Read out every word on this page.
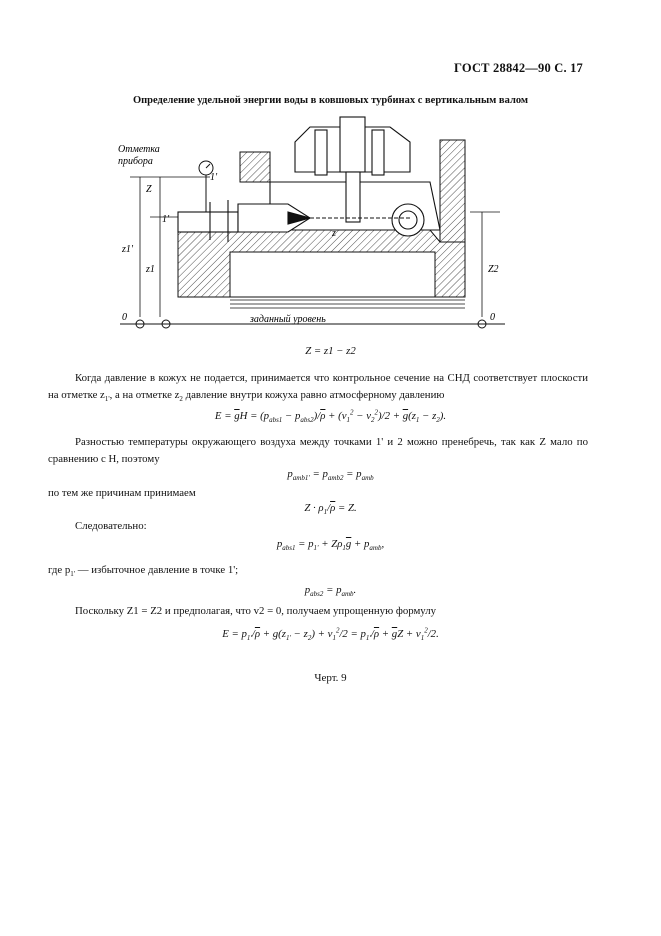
ГОСТ 28842—90 С. 17
Определение удельной энергии воды в ковшовых турбинах с вертикальным валом
Отметка
прибора
Z
z1'
z1	Z2
z
1'
1'
0	0
заданный уровень
Z = z1 − z2
Когда давление в кожух не подается, принимается что контрольное сечение на СНД соответствует плоскости на отметке $z_{1'}$, а на отметке $z_2$ давление внутри кожуха равно атмосферному давлению
$E = \overline{g}H = (p_{abs1} - p_{abs2})/\overline{\rho} + (v_1^2 - v_2^2)/2 + \overline{g}(z_1 - z_2)$.
Разностью температуры окружающего воздуха между точками 1' и 2 можно пренебречь, так как Z мало по сравнению с H, поэтому
$p_{amb1'} = p_{amb2} = p_{amb}$
по тем же причинам принимаем
$Z \cdot \rho_1/\overline{\rho} = Z$.
Следовательно:
$p_{abs1} = p_{1'} + Z\rho_1\overline{g} + p_{amb}$,
где $p_{1'}$ — избыточное давление в точке 1';
$p_{abs2} = p_{amb}$.
Поскольку Z1 = Z2 и предполагая, что v2 = 0, получаем упрощенную формулу
$E = p_{1'}/\overline{\rho} + g(z_{1'} - z_2) + v_1^2/2 = p_{1'}/\overline{\rho} + \overline{g}Z + v_1^2/2$.
Черт. 9
